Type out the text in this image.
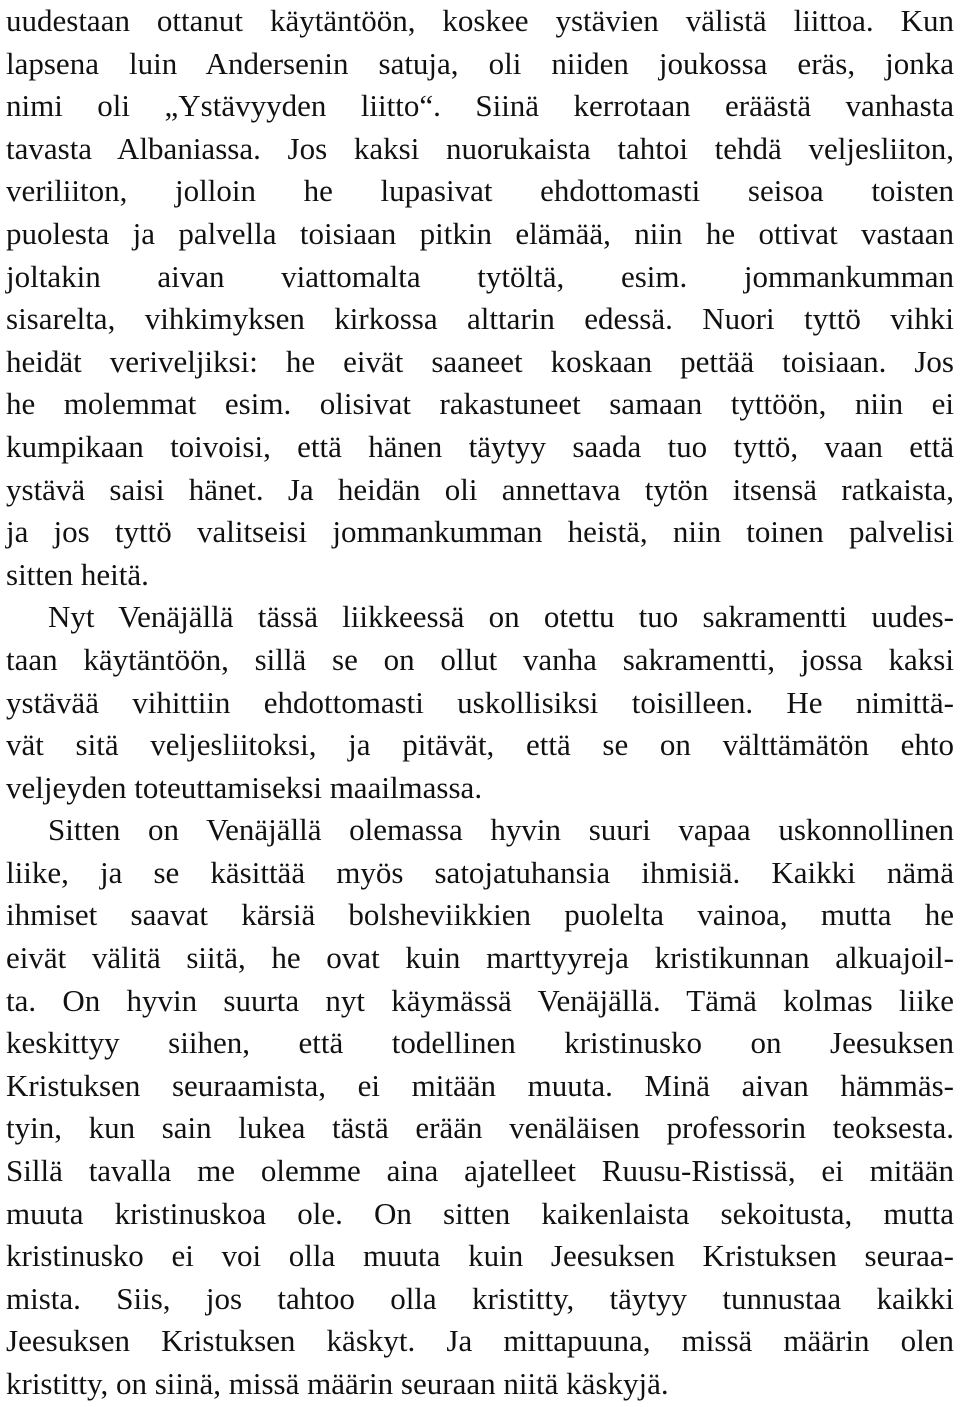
uudestaan ottanut käytäntöön, koskee ystävien välistä liittoa. Kun
lapsena luin Andersenin satuja, oli niiden joukossa eräs, jonka
nimi oli „Ystävyyden liitto“. Siinä kerrotaan eräästä vanhasta
tavasta Albaniassa. Jos kaksi nuorukaista tahtoi tehdä veljesliiton,
veriliiton, jolloin he lupasivat ehdottomasti seisoa toisten
puolesta ja palvella toisiaan pitkin elämää, niin he ottivat vastaan
joltakin aivan viattomalta tytöltä, esim. jommankumman
sisarelta, vihkimyksen kirkossa alttarin edessä. Nuori tyttö vihki
heidät veriveljiksi: he eivät saaneet koskaan pettää toisiaan. Jos
he molemmat esim. olisivat rakastuneet samaan tyttöön, niin ei
kumpikaan toivoisi, että hänen täytyy saada tuo tyttö, vaan että
ystävä saisi hänet. Ja heidän oli annettava tytön itsensä ratkaista,
ja jos tyttö valitseisi jommankumman heistä, niin toinen palvelisi
sitten heitä.
Nyt Venäjällä tässä liikkeessä on otettu tuo sakramentti uudes-
taan käytäntöön, sillä se on ollut vanha sakramentti, jossa kaksi
ystävää vihittiin ehdottomasti uskollisiksi toisilleen. He nimittä-
vät sitä veljesliitoksi, ja pitävät, että se on välttämätön ehto
veljeyden toteuttamiseksi maailmassa.
Sitten on Venäjällä olemassa hyvin suuri vapaa uskonnollinen
liike, ja se käsittää myös satojatuhansia ihmisiä. Kaikki nämä
ihmiset saavat kärsiä bolsheviikkien puolelta vainoa, mutta he
eivät välitä siitä, he ovat kuin marttyyreja kristikunnan alkuajoil-
ta. On hyvin suurta nyt käymässä Venäjällä. Tämä kolmas liike
keskittyy siihen, että todellinen kristinusko on Jeesuksen
Kristuksen seuraamista, ei mitään muuta. Minä aivan hämmäs-
tyin, kun sain lukea tästä erään venäläisen professorin teoksesta.
Sillä tavalla me olemme aina ajatelleet Ruusu-Ristissä, ei mitään
muuta kristinuskoa ole. On sitten kaikenlaista sekoitusta, mutta
kristinusko ei voi olla muuta kuin Jeesuksen Kristuksen seuraa-
mista. Siis, jos tahtoo olla kristitty, täytyy tunnustaa kaikki
Jeesuksen Kristuksen käskyt. Ja mittapuuna, missä määrin olen
kristitty, on siinä, missä määrin seuraan niitä käskyjä.
